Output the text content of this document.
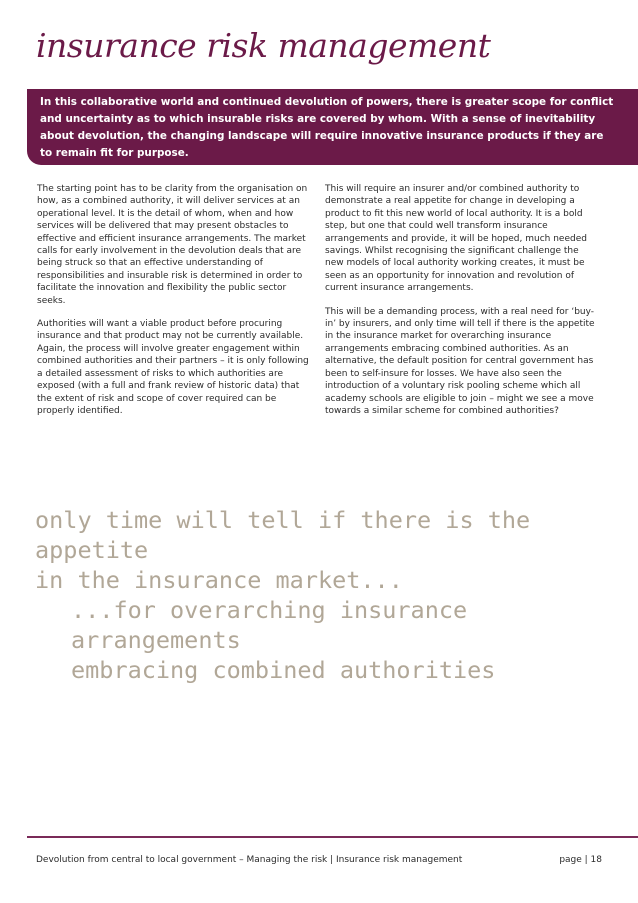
insurance risk management

In this collaborative world and continued devolution of powers, there is greater scope for conflict and uncertainty as to which insurable risks are covered by whom. With a sense of inevitability about devolution, the changing landscape will require innovative insurance products if they are to remain fit for purpose.

The starting point has to be clarity from the organisation on how, as a combined authority, it will deliver services at an operational level. It is the detail of whom, when and how services will be delivered that may present obstacles to effective and efficient insurance arrangements. The market calls for early involvement in the devolution deals that are being struck so that an effective understanding of responsibilities and insurable risk is determined in order to facilitate the innovation and flexibility the public sector seeks.

Authorities will want a viable product before procuring insurance and that product may not be currently available. Again, the process will involve greater engagement within combined authorities and their partners – it is only following a detailed assessment of risks to which authorities are exposed (with a full and frank review of historic data) that the extent of risk and scope of cover required can be properly identified.

This will require an insurer and/or combined authority to demonstrate a real appetite for change in developing a product to fit this new world of local authority. It is a bold step, but one that could well transform insurance arrangements and provide, it will be hoped, much needed savings. Whilst recognising the significant challenge the new models of local authority working creates, it must be seen as an opportunity for innovation and revolution of current insurance arrangements.

This will be a demanding process, with a real need for ‘buy-in’ by insurers, and only time will tell if there is the appetite in the insurance market for overarching insurance arrangements embracing combined authorities. As an alternative, the default position for central government has been to self-insure for losses. We have also seen the introduction of a voluntary risk pooling scheme which all academy schools are eligible to join – might we see a move towards a similar scheme for combined authorities?

only time will tell if there is the appetite
in the insurance market...
...for overarching insurance arrangements
embracing combined authorities
Devolution from central to local government – Managing the risk | Insurance risk management	page | 18
